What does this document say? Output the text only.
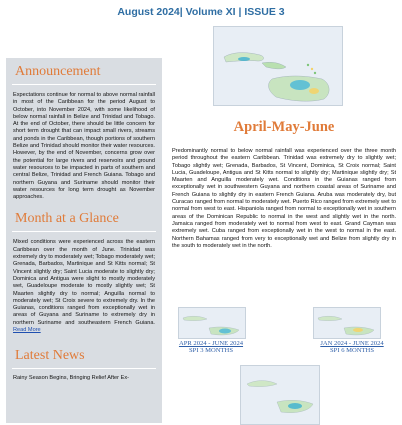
August 2024| Volume XI | ISSUE 3
Announcement
Expectations continue for normal to above normal rainfall in most of the Caribbean for the period August to October, into November 2024, with some likelihood of below normal rainfall in Belize and Trinidad and Tobago. At the end of October, there should be little concern for short term drought that can impact small rivers, streams and ponds in the Caribbean, though portions of southern Belize and Trinidad should monitor their water resources. However, by the end of November, concerns grow over the potential for large rivers and reservoirs and ground water resources to be impacted in parts of southern and central Belize, Trinidad and French Guiana. Tobago and northern Guyana and Suriname should monitor their water resources for long term drought as November approaches.
Month at a Glance
Mixed conditions were experienced across the eastern Caribbean over the month of June. Trinidad was extremely dry to moderately wet; Tobago moderately wet; Grenada, Barbados, Martinique and St Kitts normal; St Vincent slightly dry; Saint Lucia moderate to slightly dry; Dominica and Antigua were slight to mostly moderately wet, Guadeloupe moderate to mostly slightly wet; St Maarten slightly dry to normal; Anguilla normal to moderately wet; St Croix severe to extremely dry. In the Guianas, conditions ranged from exceptionally wet in areas of Guyana and Suriname to extremely dry in northern Suriname and southeastern French Guiana. Read More
Latest News
Rainy Season Begins, Bringing Relief After Ex-
April-May-June
Predominantly normal to below normal rainfall was experienced over the three month period throughout the eastern Caribbean. Trinidad was extremely dry to slightly wet; Tobago slightly wet; Grenada, Barbados, St Vincent, Dominica, St Croix normal; Saint Lucia, Guadeloupe, Antigua and St Kitts normal to slightly dry; Martinique slightly dry; St Maarten and Anguilla moderately wet. Conditions in the Guianas ranged from exceptionally wet in southwestern Guyana and northern coastal areas of Suriname and French Guiana to slightly dry in eastern French Guiana. Aruba was moderately dry, but Curacao ranged from normal to moderately wet. Puerto Rico ranged from extremely wet to normal from west to east. Hispaniola ranged from normal to exceptionally wet in southern areas of the Dominican Republic to normal in the west and slightly wet in the north. Jamaica ranged from moderately wet to normal from west to east. Grand Cayman was extremely wet. Cuba ranged from exceptionally wet in the west to normal in the east. Northern Bahamas ranged from very to exceptionally wet and Belize from slightly dry in the south to moderately wet in the north.
APR 2024 - JUNE 2024
SPI 3 MONTHS
JAN 2024 - JUNE 2024
SPI 6 MONTHS
